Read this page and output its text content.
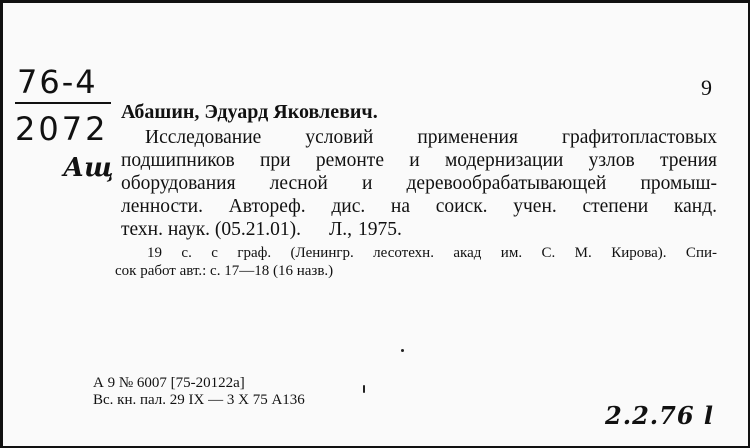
76-4
2072
Ащ
9
Абашин, Эдуард Яковлевич.
Исследование условий применения графитопластовых
подшипников при ремонте и модернизации узлов трения
оборудования лесной и деревообрабатывающей промыш-
ленности. Автореф. дис. на соиск. учен. степени канд.
техн. наук. (05.21.01). Л., 1975.
19 с. с граф. (Ленингр. лесотехн. акад им. С. М. Кирова). Спи-
сок работ авт.: с. 17—18 (16 назв.)
А 9 № 6007 [75-20122а]
Вс. кн. пал. 29 IX — 3 X 75 А136
2.2.76 l
